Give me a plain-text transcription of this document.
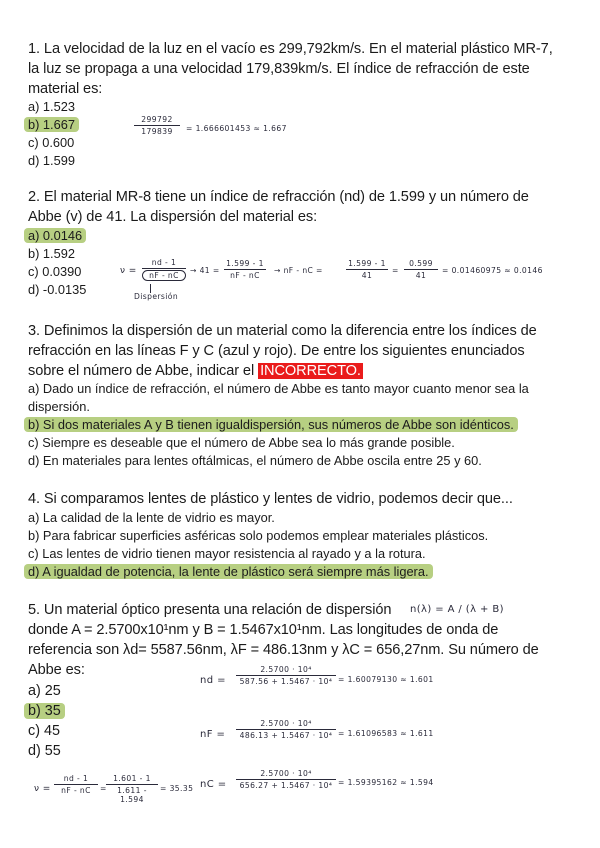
1. La velocidad de la luz en el vacío es 299,792km/s. En el material plástico MR-7,
la luz se propaga a una velocidad 179,839km/s. El índice de refracción de este
material es:
a) 1.523
b) 1.667
c) 0.600
d) 1.599
299792
179839	= 1.666601453 ≈ 1.667
2. El material MR-8 tiene un índice de refracción (nd) de 1.599 y un número de
Abbe (v) de 41. La dispersión del material es:
a) 0.0146
b) 1.592
c) 0.0390
d) -0.0135
$\nu = \frac{nd - 1}{nF - nC} \to 41$ =
1.599 - 1
nF - nC
→ nF - nC =
1.599 - 1
41
=
0.599
41
= 0.01460975 ≈ 0.0146
Dispersión
3. Definimos la dispersión de un material como la diferencia entre los índices de
refracción en las líneas F y C (azul y rojo). De entre los siguientes enunciados
sobre el número de Abbe, indicar el INCORRECTO.
a) Dado un índice de refracción, el número de Abbe es tanto mayor cuanto menor sea la
dispersión.
b) Si dos materiales A y B tienen igualdispersión, sus números de Abbe son idénticos.
c) Siempre es deseable que el número de Abbe sea lo más grande posible.
d) En materiales para lentes oftálmicas, el número de Abbe oscila entre 25 y 60.
4. Si comparamos lentes de plástico y lentes de vidrio, podemos decir que...
a) La calidad de la lente de vidrio es mayor.
b) Para fabricar superficies asféricas solo podemos emplear materiales plásticos.
c) Las lentes de vidrio tienen mayor resistencia al rayado y a la rotura.
d) A igualdad de potencia, la lente de plástico será siempre más ligera.
5. Un material óptico presenta una relación de dispersión n(λ) = A / (λ + B)
donde A = 2.5700x10¹nm y B = 1.5467x10¹nm. Las longitudes de onda de
referencia son λd= 5587.56nm, λF = 486.13nm y λC = 656,27nm. Su número de
Abbe es:
a) 25
b) 35
c) 45
d) 55
nd =
2.5700 · 10⁴
587.56 + 1.5467 · 10⁴ = 1.60079130 ≈ 1.601
nF =
2.5700 · 10⁴
486.13 + 1.5467 · 10⁴ = 1.61096583 ≈ 1.611
nC =
2.5700 · 10⁴
656.27 + 1.5467 · 10⁴ = 1.59395162 ≈ 1.594
ν =
nd - 1
nF - nC	=
1.601 - 1
1.611 - 1.594
= 35.35
